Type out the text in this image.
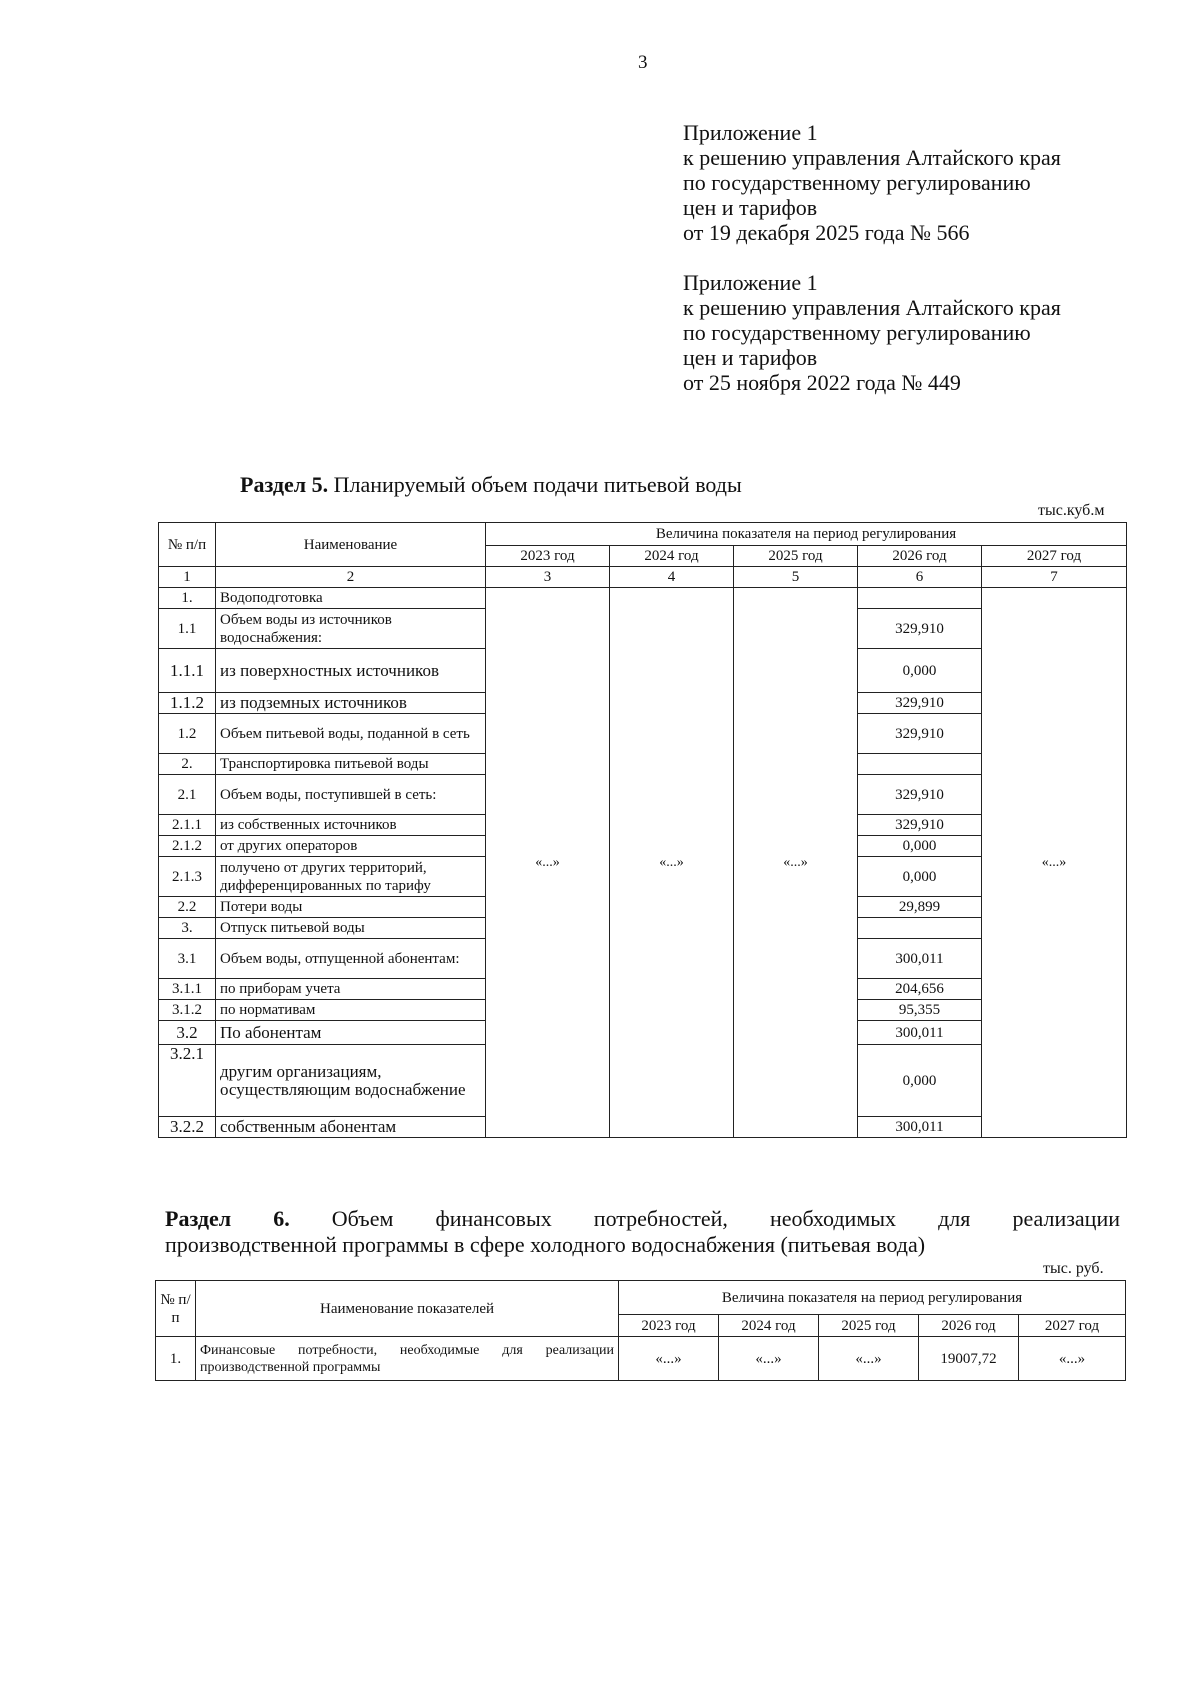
3
Приложение 1
к решению управления Алтайского края
по государственному регулированию
цен и тарифов
от 19 декабря 2025 года № 566
Приложение 1
к решению управления Алтайского края
по государственному регулированию
цен и тарифов
от 25 ноября 2022 года № 449
Раздел 5. Планируемый объем подачи питьевой воды
тыс.куб.м
№ п/п	Наименование	Величина показателя на период регулирования				
		2023 год	2024 год	2025 год	2026 год	2027 год
1	2	3	4	5	6	7
1.	Водоподготовка	«...»	«...»	«...»		«...»
1.1	Объем воды из источников водоснабжения:				329,910	
1.1.1	из поверхностных источников				0,000	
1.1.2	из подземных источников				329,910	
1.2	Объем питьевой воды, поданной в сеть				329,910	
2.	Транспортировка питьевой воды					
2.1	Объем воды, поступившей в сеть:				329,910	
2.1.1	из собственных источников				329,910	
2.1.2	от других операторов				0,000	
2.1.3	получено от других территорий, дифференцированных по тарифу				0,000	
2.2	Потери воды				29,899	
3.	Отпуск питьевой воды					
3.1	Объем воды, отпущенной абонентам:				300,011	
3.1.1	по приборам учета				204,656	
3.1.2	по нормативам				95,355	
3.2	По абонентам				300,011	
3.2.1	другим организациям, осуществляющим водоснабжение				0,000	
3.2.2	собственным абонентам				300,011	
Раздел 6. Объем финансовых потребностей, необходимых для реализации
производственной программы в сфере холодного водоснабжения (питьевая вода)
тыс. руб.
№ п/п	Наименование показателей	Величина показателя на период регулирования				
		2023 год	2024 год	2025 год	2026 год	2027 год
1.	Финансовые потребности, необходимые для реализации производственной программы	«...»	«...»	«...»	19007,72	«...»
